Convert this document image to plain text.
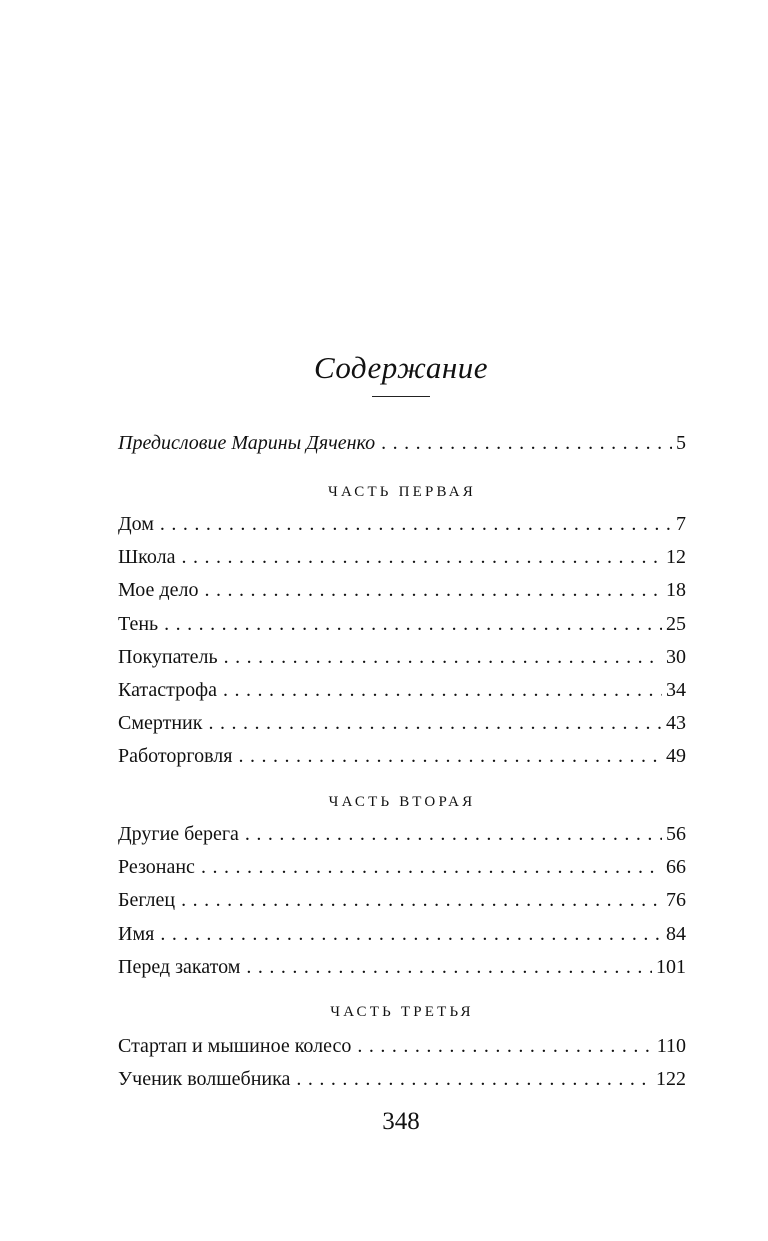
Содержание
Предисловие Марины Дяченко . . .	5
ЧАСТЬ ПЕРВАЯ
Дом . . .	7
Школа . . .	12
Мое дело . . .	18
Тень . . .	25
Покупатель . . .	30
Катастрофа . . .	34
Смертник . . .	43
Работорговля . . .	49
ЧАСТЬ ВТОРАЯ
Другие берега . . .	56
Резонанс . . .	66
Беглец . . .	76
Имя . . .	84
Перед закатом . . .	101
ЧАСТЬ ТРЕТЬЯ
Стартап и мышиное колесо . . .	110
Ученик волшебника . . .	122
348
